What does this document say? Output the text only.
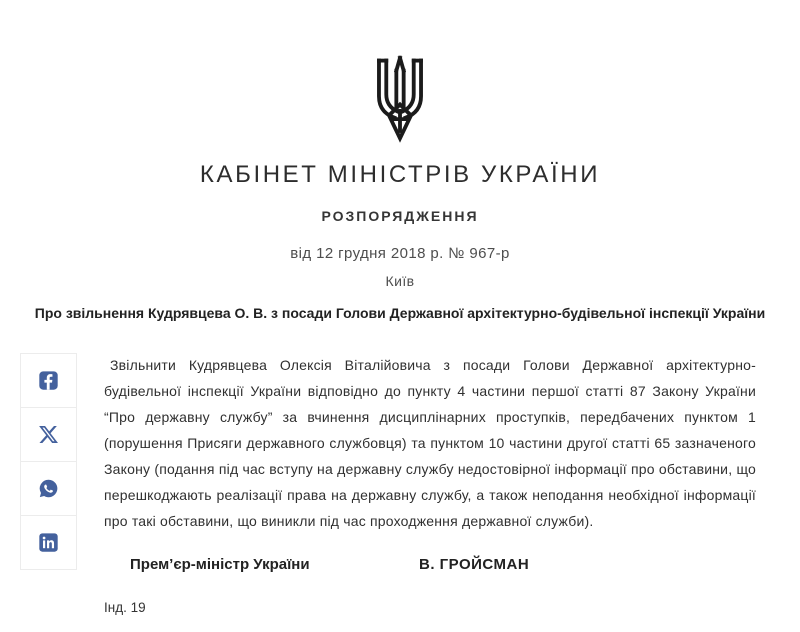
КАБІНЕТ МІНІСТРІВ УКРАЇНИ
РОЗПОРЯДЖЕННЯ
від 12 грудня 2018 р. № 967-р
Київ
Про звільнення Кудрявцева О. В. з посади Голови Державної архітектурно-будівельної інспекції України

Звільнити Кудрявцева Олексія Віталійовича з посади Голови Державної архітектурно-будівельної інспекції України відповідно до пункту 4 частини першої статті 87 Закону України “Про державну службу” за вчинення дисциплінарних проступків, передбачених пунктом 1 (порушення Присяги державного службовця) та пунктом 10 частини другої статті 65 зазначеного Закону (подання під час вступу на державну службу недостовірної інформації про обставини, що перешкоджають реалізації права на державну службу, а також неподання необхідної інформації про такі обставини, що виникли під час проходження державної служби).

Прем’єр-міністр України	В. ГРОЙСМАН
Інд. 19
